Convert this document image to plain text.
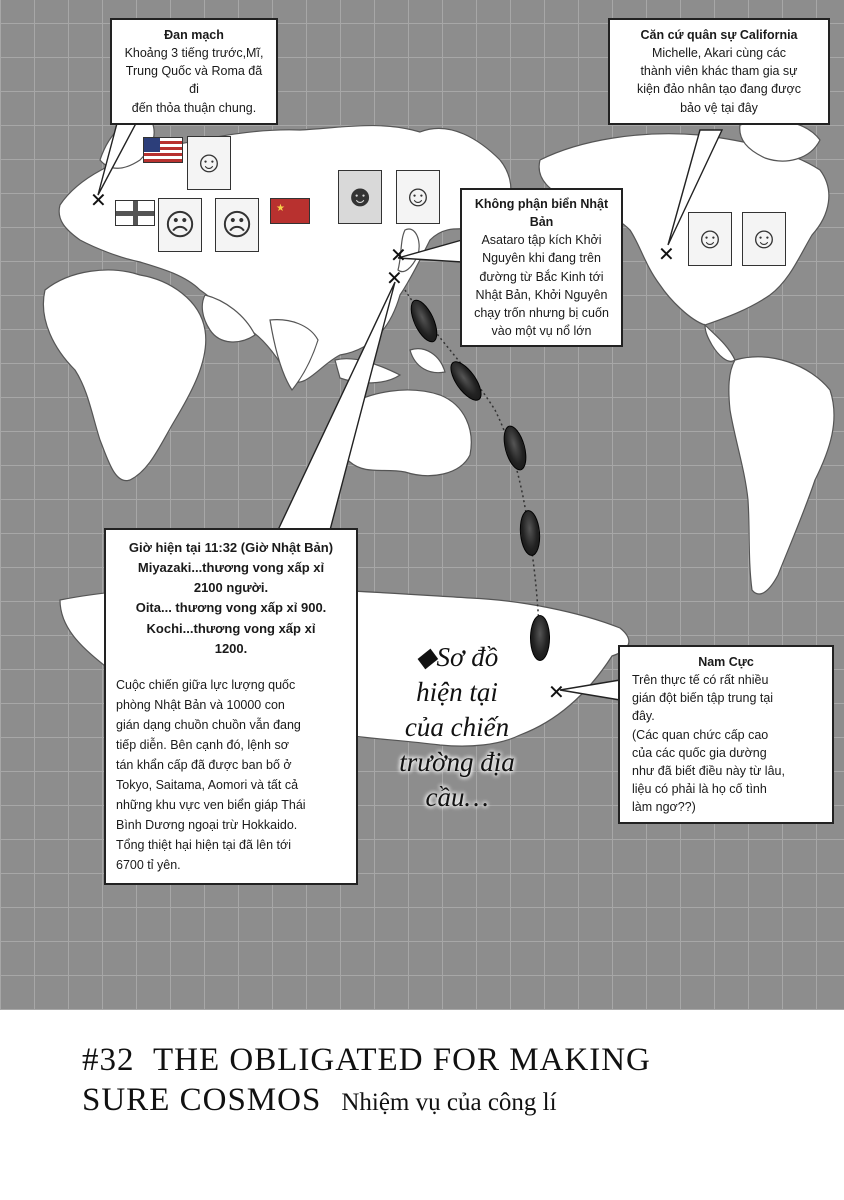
✕
✕
✕
✕
✕
★
☺
☹ ☹
☻ ☺
☺ ☺
Đan mạch
Khoảng 3 tiếng trước,Mĩ,
Trung Quốc và Roma đã đi
đến thỏa thuận chung.
Căn cứ quân sự California
Michelle, Akari cùng các
thành viên khác tham gia sự
kiện đảo nhân tạo đang được
bảo vệ tại đây
Không phận biển Nhật Bản
Asataro tập kích Khởi
Nguyên khi đang trên
đường từ Bắc Kinh tới
Nhật Bản, Khởi Nguyên
chạy trốn nhưng bị cuốn
vào một vụ nổ lớn
Giờ hiện tại 11:32 (Giờ Nhật Bản)
Miyazaki...thương vong xấp xỉ
2100 người.
Oita... thương vong xấp xỉ 900.
Kochi...thương vong xấp xỉ
1200.
Cuộc chiến giữa lực lượng quốc
phòng Nhật Bản và 10000 con
gián dạng chuồn chuồn vẫn đang
tiếp diễn. Bên cạnh đó, lệnh sơ
tán khẩn cấp đã được ban bố ở
Tokyo, Saitama, Aomori và tất cả
những khu vực ven biển giáp Thái
Bình Dương ngoại trừ Hokkaido.
Tổng thiệt hại hiện tại đã lên tới
6700 tỉ yên.
Nam Cực
Trên thực tế có rất nhiều
gián đột biến tập trung tại
đây.
(Các quan chức cấp cao
của các quốc gia dường
như đã biết điều này từ lâu,
liệu có phải là họ cố tình
làm ngơ??)
◆Sơ đồ
hiện tại
của chiến
trường địa
cầu…
#32 THE OBLIGATED FOR MAKING
SURE COSMOS Nhiệm vụ của công lí
